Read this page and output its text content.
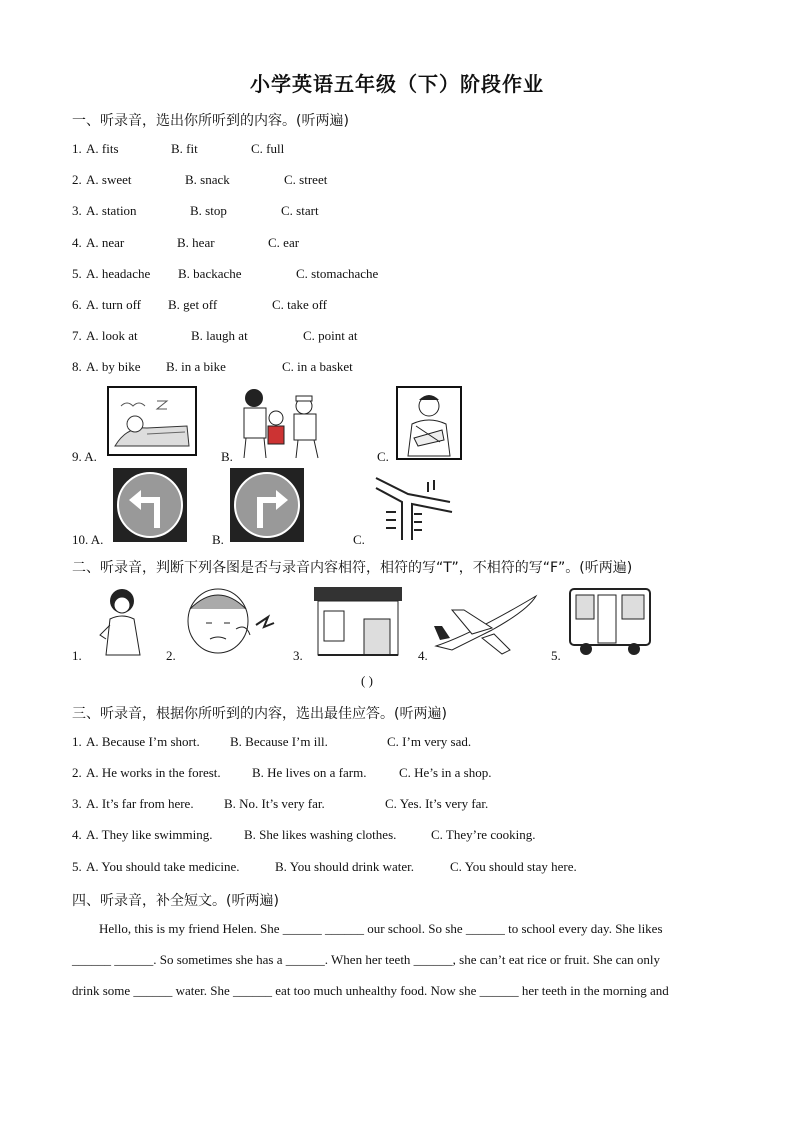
小学英语五年级（下）阶段作业
一、听录音，选出你所听到的内容。(听两遍)
1. A. fits	B. fit	C. full
2. A. sweet	B. snack	C. street
3. A. station	B. stop	C. start
4. A. near	B. hear	C. ear
5. A. headache B. backache	C. stomachache
6. A. turn off B. get off	C. take off
7. A. look at	B. laugh at	C. point at
8. A. by bike B. in a bike	C. in a basket
9. A.	B.	C.
10. A.	B.	C.
二、听录音，判断下列各图是否与录音内容相符，相符的写“T”，不相符的写“F”。(听两遍)
1.	2.	3.	4.	5.
( )
三、听录音，根据你所听到的内容，选出最佳应答。(听两遍)
1. A. Because I’m short. B. Because I’m ill.	C. I’m very sad.
2. A. He works in the forest. B. He lives on a farm.	C. He’s in a shop.
3. A. It’s far from here. B. No. It’s very far.	C. Yes. It’s very far.
4. A. They like swimming. B. She likes washing clothes.	C. They’re cooking.
5. A. You should take medicine.	B. You should drink water.	C. You should stay here.
四、听录音，补全短文。(听两遍)
Hello, this is my friend Helen. She ______ ______ our school. So she ______ to school every day. She likes
______ ______. So sometimes she has a ______. When her teeth ______, she can’t eat rice or fruit. She can only
drink some ______ water. She ______ eat too much unhealthy food. Now she ______ her teeth in the morning and
